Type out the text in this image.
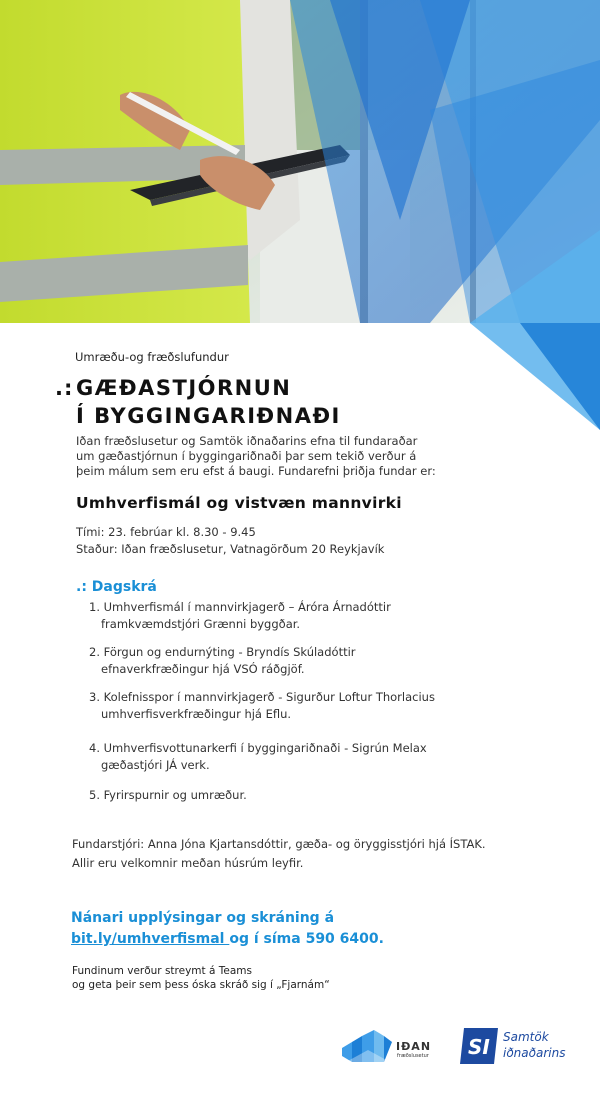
Umræðu-og fræðslufundur

.: GÆÐASTJÓRNUN

Í BYGGINGARIÐNAÐI

Iðan fræðslusetur og Samtök iðnaðarins efna til fundaraðar
um gæðastjórnun í byggingariðnaði þar sem tekið verður á
þeim málum sem eru efst á baugi. Fundarefni þriðja fundar er:

Umhverfismál og vistvæn mannvirki

Tími: 23. febrúar kl. 8.30 - 9.45
Staður: Iðan fræðslusetur, Vatnagörðum 20 Reykjavík

.: Dagskrá

1. Umhverfismál í mannvirkjagerð – Áróra Árnadóttir
framkvæmdstjóri Grænni byggðar.
2. Förgun og endurnýting - Bryndís Skúladóttir
efnaverkfræðingur hjá VSÓ ráðgjöf.
3. Kolefnisspor í mannvirkjagerð - Sigurður Loftur Thorlacius
umhverfisverkfræðingur hjá Eflu.
4. Umhverfisvottunarkerfi í byggingariðnaði - Sigrún Melax
gæðastjóri JÁ verk.
5. Fyrirspurnir og umræður.

Fundarstjóri: Anna Jóna Kjartansdóttir, gæða- og öryggisstjóri hjá ÍSTAK.
Allir eru velkomnir meðan húsrúm leyfir.

Nánari upplýsingar og skráning á

bit.ly/umhverfismal og í síma 590 6400.

Fundinum verður streymt á Teams
og geta þeir sem þess óska skráð sig í „Fjarnám“

IÐAN
fræðslusetur SI Samtök
iðnaðarins
